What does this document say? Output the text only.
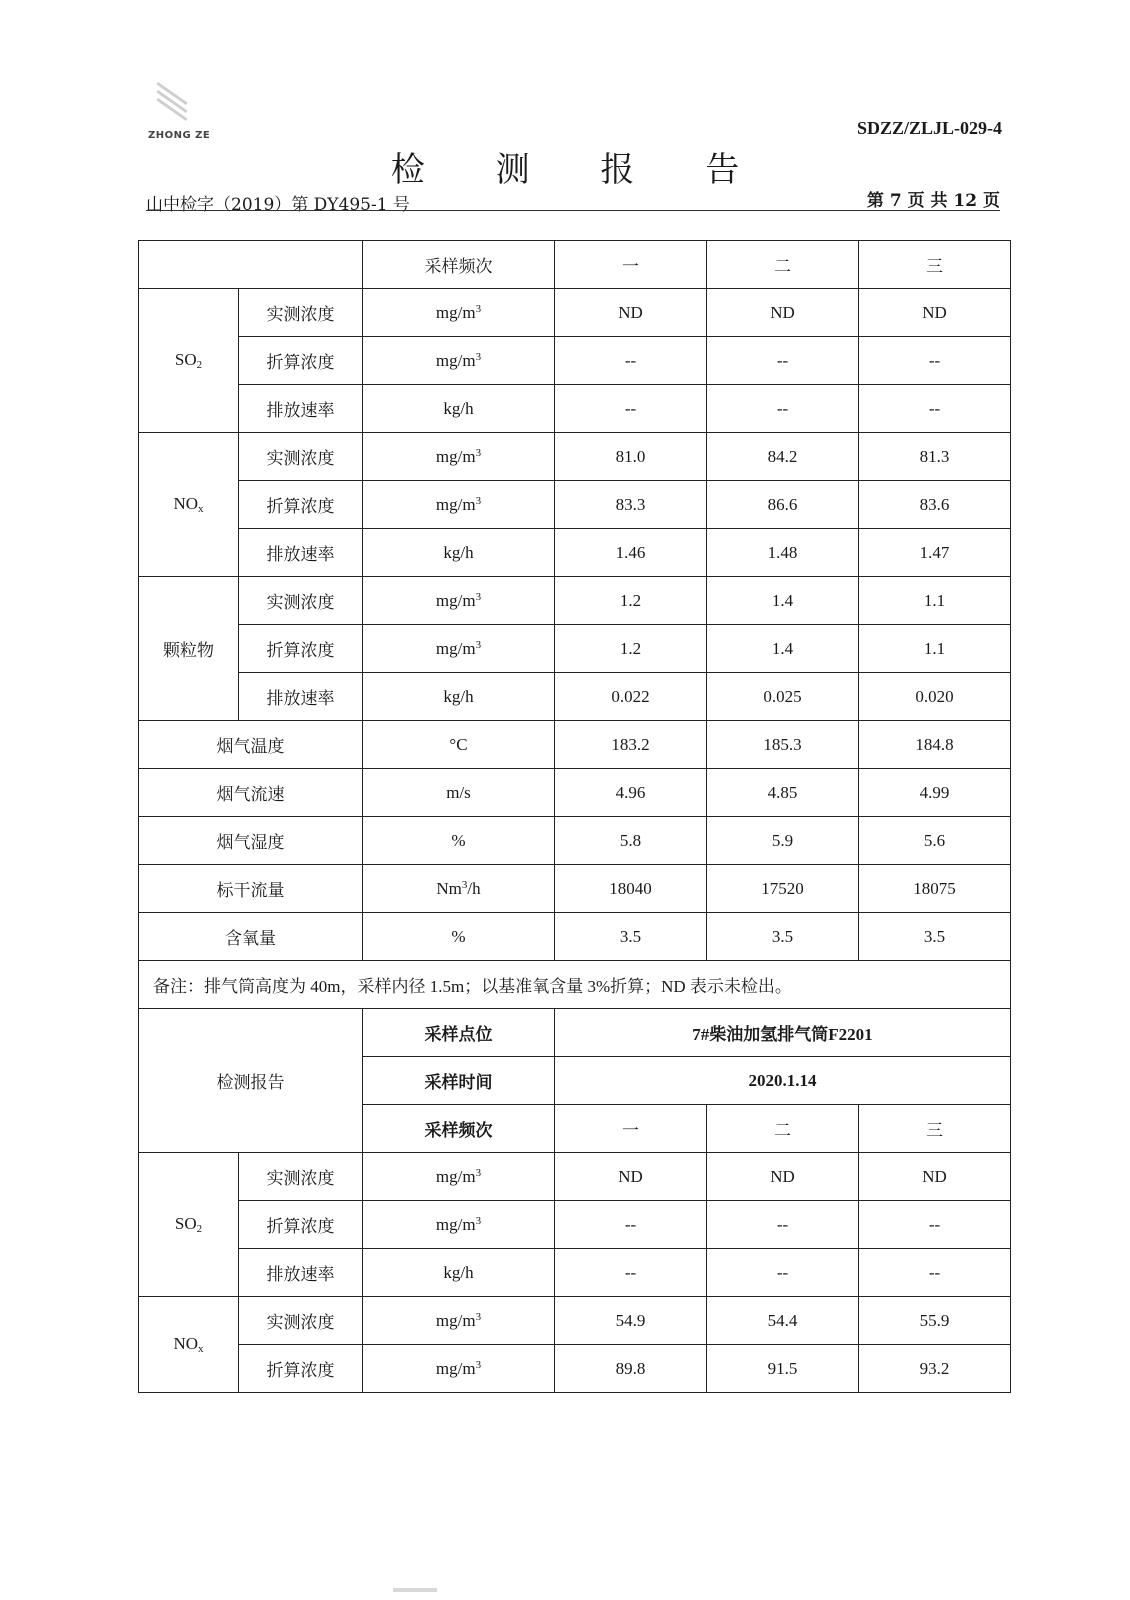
ZHONG ZE	SDZZ/ZLJL-029-4
检 测 报 告
山中检字（2019）第 DY495-1 号	第 7 页 共 12 页
		采样频次	一	二	三
$SO_2$	实测浓度	$mg/m^3$	ND	ND	ND
	折算浓度	$mg/m^3$	--	--	--
	排放速率	kg/h	--	--	--
$NO_x$	实测浓度	$mg/m^3$	81.0	84.2	81.3
	折算浓度	$mg/m^3$	83.3	86.6	83.6
	排放速率	kg/h	1.46	1.48	1.47
颗粒物	实测浓度	$mg/m^3$	1.2	1.4	1.1
	折算浓度	$mg/m^3$	1.2	1.4	1.1
	排放速率	kg/h	0.022	0.025	0.020
烟气温度		°C	183.2	185.3	184.8
烟气流速		m/s	4.96	4.85	4.99
烟气湿度		%	5.8	5.9	5.6
标干流量		Nm$^3$/h	18040	17520	18075
含氧量		%	3.5	3.5	3.5
备注：排气筒高度为 40m，采样内径 1.5m；以基准氧含量 3%折算；ND 表示未检出。					
检测报告		采样点位	7#柴油加氢排气筒F2201		
		采样时间	2020.1.14		
		采样频次	一	二	三
$SO_2$	实测浓度	$mg/m^3$	ND	ND	ND
	折算浓度	$mg/m^3$	--	--	--
	排放速率	kg/h	--	--	--
$NO_x$	实测浓度	$mg/m^3$	54.9	54.4	55.9
	折算浓度	$mg/m^3$	89.8	91.5	93.2
